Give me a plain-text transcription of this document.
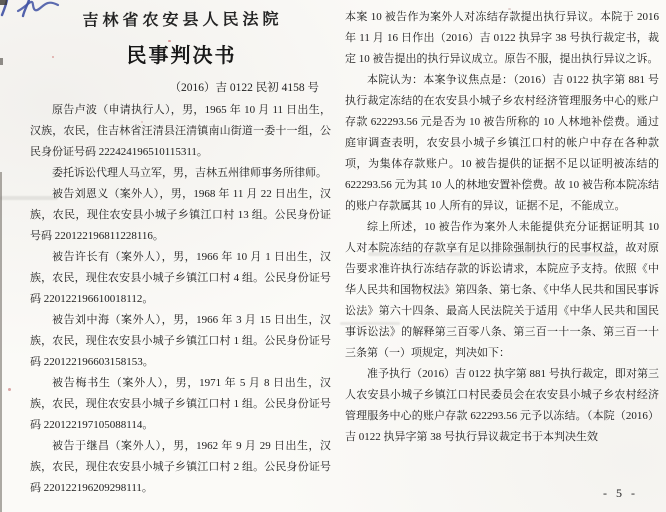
吉林省农安县人民法院
民事判决书
（2016）吉 0122 民初 4158 号

原告卢波（申请执行人），男，1965 年 10 月 11 日出生，汉族，农民，住吉林省汪清县汪清镇南山街道一委十一组，公民身份证号码 222424196510115311。

委托诉讼代理人马立军，男，吉林五州律师事务所律师。

被告刘恩义（案外人），男，1968 年 11 月 22 日出生，汉族，农民，现住农安县小城子乡镇江口村 13 组。公民身份证号码 220122196811228116。

被告许长有（案外人），男，1966 年 10 月 1 日出生，汉族，农民，现住农安县小城子乡镇江口村 4 组。公民身份证号码 220122196610018112。

被告刘中海（案外人），男，1966 年 3 月 15 日出生，汉族，农民，现住农安县小城子乡镇江口村 1 组。公民身份证号码 220122196603158153。

被告梅书生（案外人），男，1971 年 5 月 8 日出生，汉族，农民，现住农安县小城子乡镇江口村 1 组。公民身份证号码 220122197105088114。

被告于继昌（案外人），男，1962 年 9 月 29 日出生，汉族，农民，现住农安县小城子乡镇江口村 2 组。公民身份证号码 220122196209298111。

本案 10 被告作为案外人对冻结存款提出执行异议。本院于 2016 年 11 月 16 日作出（2016）吉 0122 执异字 38 号执行裁定书，裁定 10 被告提出的执行异议成立。原告不服，提出执行异议之诉。

本院认为：本案争议焦点是：（2016）吉 0122 执字第 881 号执行裁定冻结的在农安县小城子乡农村经济管理服务中心的账户存款 622293.56 元是否为 10 被告所称的 10 人林地补偿费。通过庭审调查表明，农安县小城子乡镇江口村的帐户中存在各种款项，为集体存款账户。10 被告提供的证据不足以证明被冻结的 622293.56 元为其 10 人的林地安置补偿费。故 10 被告称本院冻结的账户存款属其 10 人所有的异议，证据不足，不能成立。

综上所述，10 被告作为案外人未能提供充分证据证明其 10 人对本院冻结的存款享有足以排除强制执行的民事权益，故对原告要求准许执行冻结存款的诉讼请求，本院应予支持。依照《中华人民共和国物权法》第四条、第七条、《中华人民共和国民事诉讼法》第六十四条、最高人民法院关于适用《中华人民共和国民事诉讼法》的解释第三百零八条、第三百一十一条、第三百一十三条第（一）项规定，判决如下：

准予执行（2016）吉 0122 执字第 881 号执行裁定，即对第三人农安县小城子乡镇江口村民委员会在农安县小城子乡农村经济管理服务中心的账户存款 622293.56 元予以冻结。（本院（2016）吉 0122 执异字第 38 号执行异议裁定书于本判决生效

- 5 -
